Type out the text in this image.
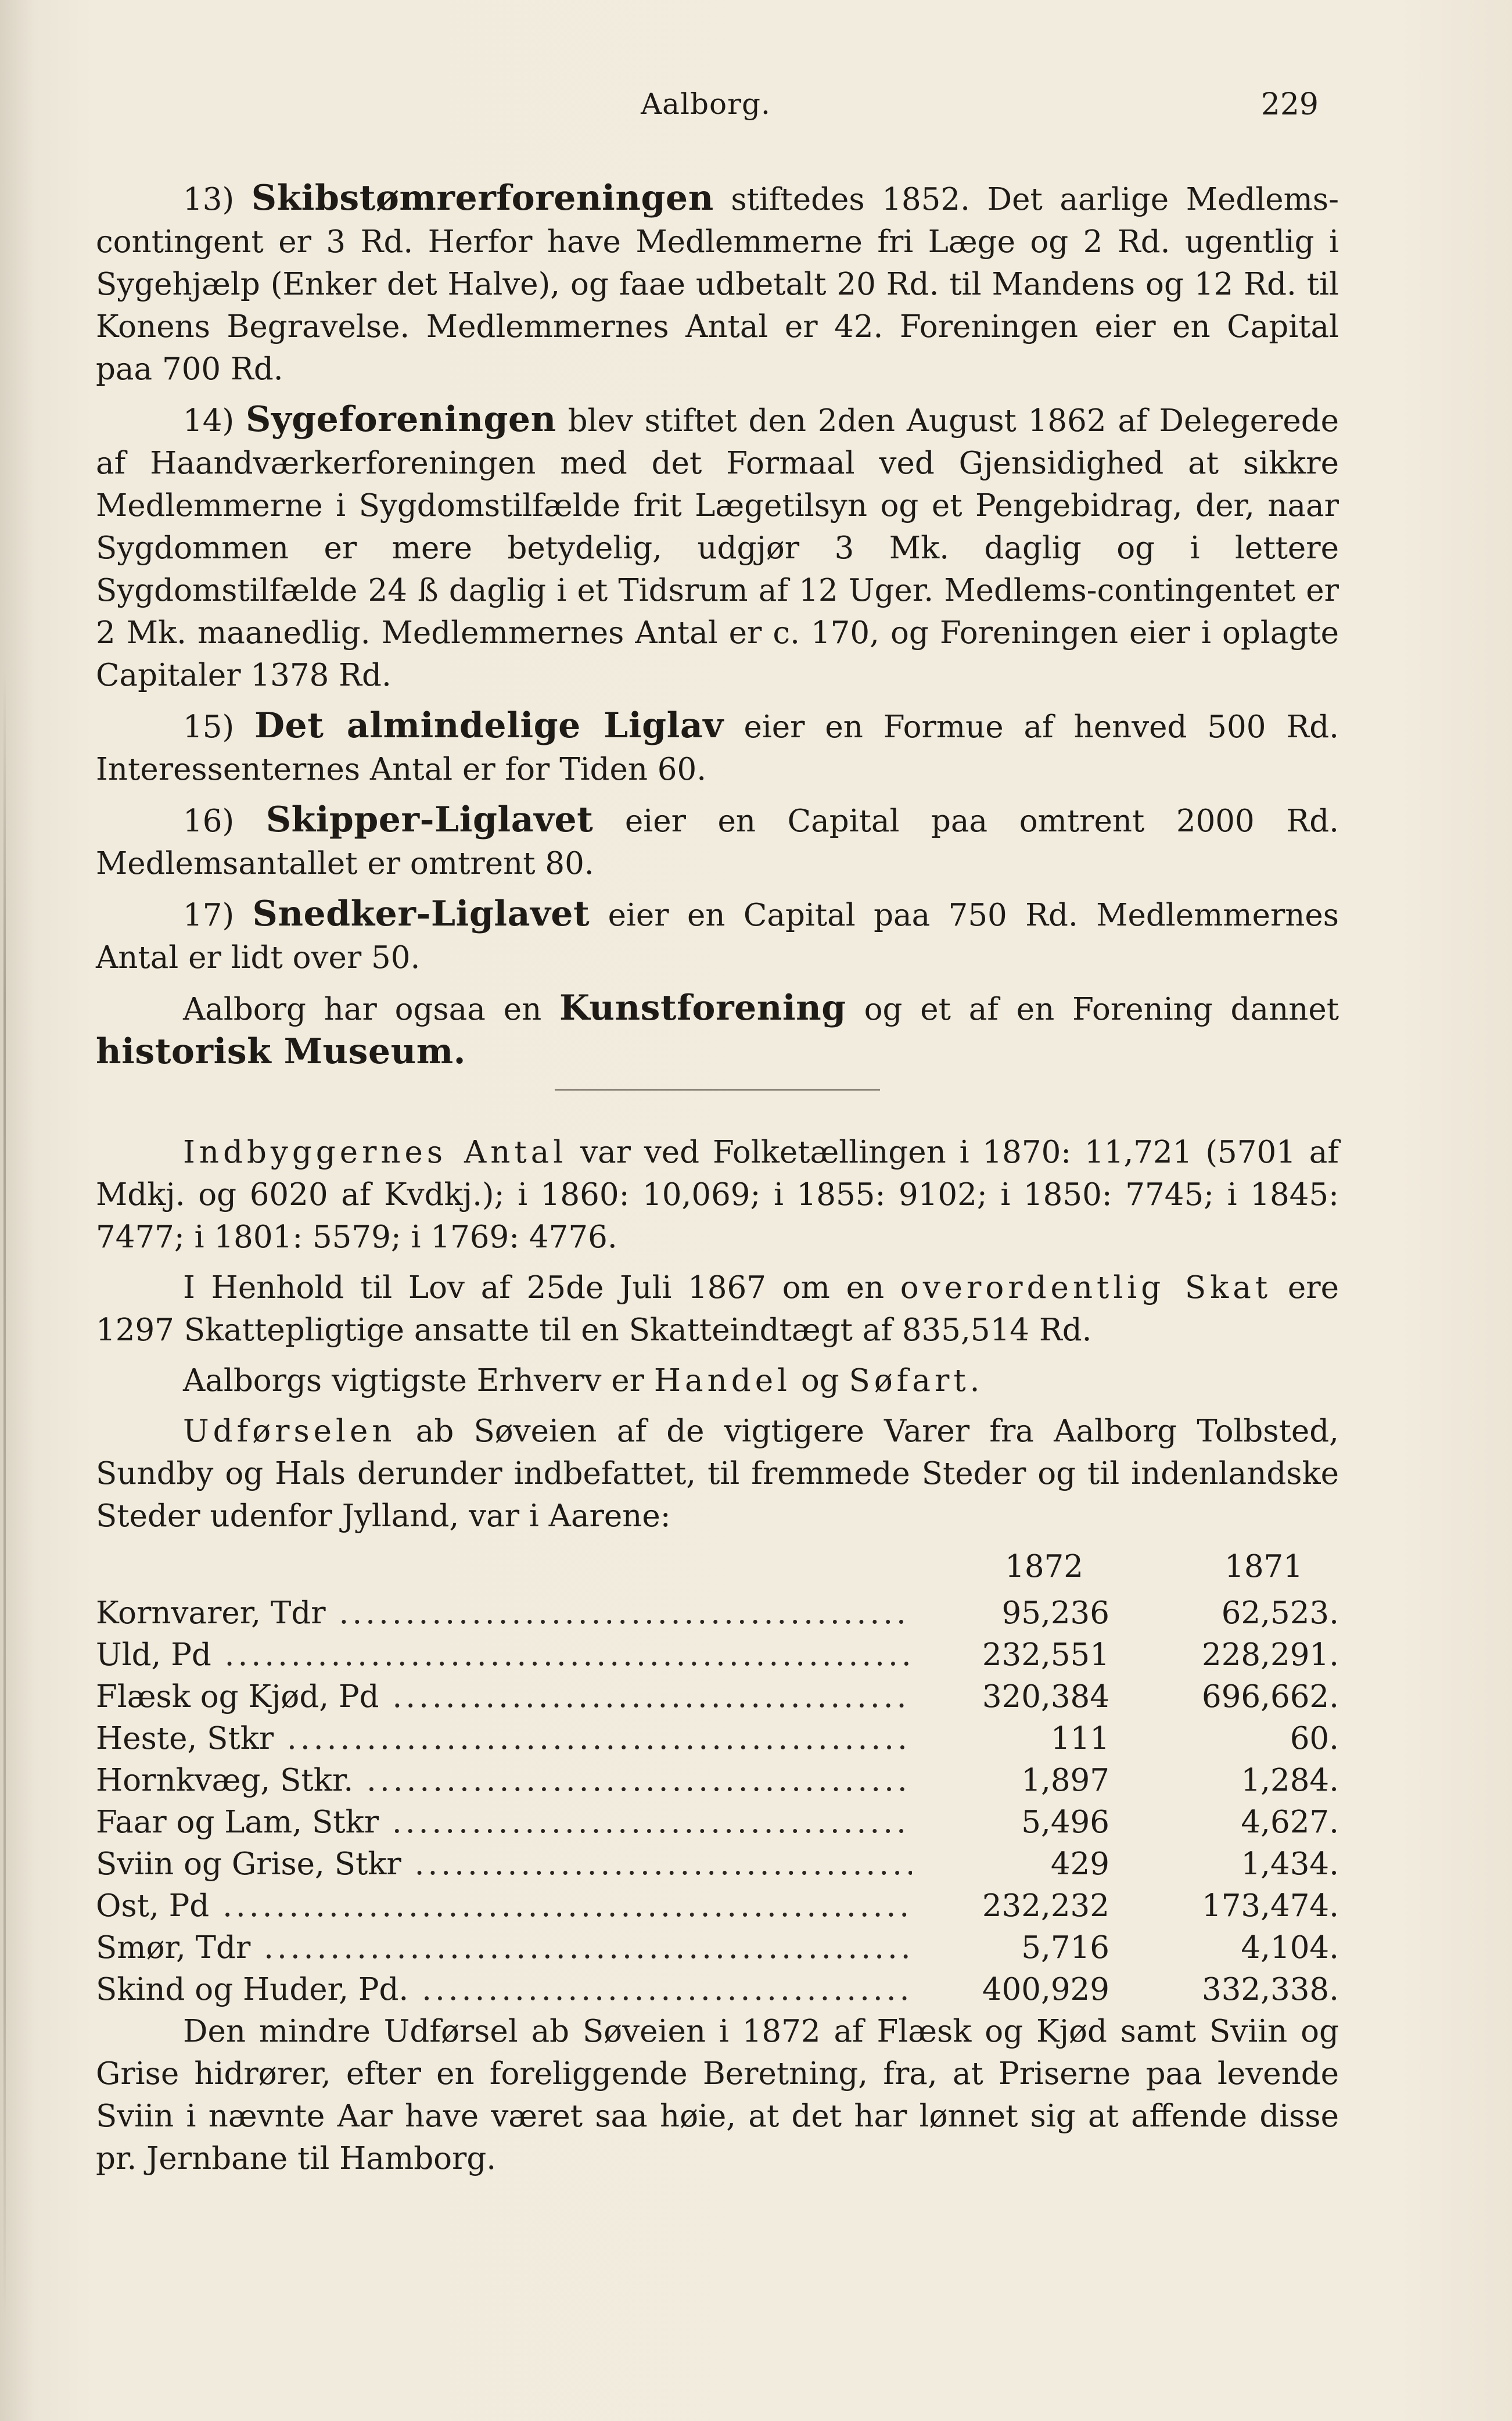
Aalborg.	229

13) Skibstømrerforeningen stiftedes 1852. Det aarlige Medlems-contingent er 3 Rd. Herfor have Medlemmerne fri Læge og 2 Rd. ugentlig i Sygehjælp (Enker det Halve), og faae udbetalt 20 Rd. til Mandens og 12 Rd. til Konens Begravelse. Medlemmernes Antal er 42. Foreningen eier en Capital paa 700 Rd.

14) Sygeforeningen blev stiftet den 2den August 1862 af Delegerede af Haandværkerforeningen med det Formaal ved Gjensidighed at sikkre Medlemmerne i Sygdomstilfælde frit Lægetilsyn og et Pengebidrag, der, naar Sygdommen er mere betydelig, udgjør 3 Mk. daglig og i lettere Sygdomstilfælde 24 ß daglig i et Tidsrum af 12 Uger. Medlems-contingentet er 2 Mk. maanedlig. Medlemmernes Antal er c. 170, og Foreningen eier i oplagte Capitaler 1378 Rd.

15) Det almindelige Liglav eier en Formue af henved 500 Rd. Interessenternes Antal er for Tiden 60.

16) Skipper-Liglavet eier en Capital paa omtrent 2000 Rd. Medlemsantallet er omtrent 80.

17) Snedker-Liglavet eier en Capital paa 750 Rd. Medlemmernes Antal er lidt over 50.

Aalborg har ogsaa en Kunstforening og et af en Forening dannet historisk Museum.

Indbyggernes Antal var ved Folketællingen i 1870: 11,721 (5701 af Mdkj. og 6020 af Kvdkj.); i 1860: 10,069; i 1855: 9102; i 1850: 7745; i 1845: 7477; i 1801: 5579; i 1769: 4776.

I Henhold til Lov af 25de Juli 1867 om en overordentlig Skat ere 1297 Skattepligtige ansatte til en Skatteindtægt af 835,514 Rd.

Aalborgs vigtigste Erhverv er Handel og Søfart.

Udførselen ab Søveien af de vigtigere Varer fra Aalborg Tolbsted, Sundby og Hals derunder indbefattet, til fremmede Steder og til indenlandske Steder udenfor Jylland, var i Aarene:

1872	1871
Kornvarer, Tdr .....	95,236	62,523.
Uld, Pd .....	232,551	228,291.
Flæsk og Kjød, Pd .....	320,384	696,662.
Heste, Stkr .....	111	60.
Hornkvæg, Stkr. .....	1,897	1,284.
Faar og Lam, Stkr .....	5,496	4,627.
Sviin og Grise, Stkr .....	429	1,434.
Ost, Pd .....	232,232	173,474.
Smør, Tdr .....	5,716	4,104.
Skind og Huder, Pd. .....	400,929	332,338.

Den mindre Udførsel ab Søveien i 1872 af Flæsk og Kjød samt Sviin og Grise hidrører, efter en foreliggende Beretning, fra, at Priserne paa levende Sviin i nævnte Aar have været saa høie, at det har lønnet sig at affende disse pr. Jernbane til Hamborg.
